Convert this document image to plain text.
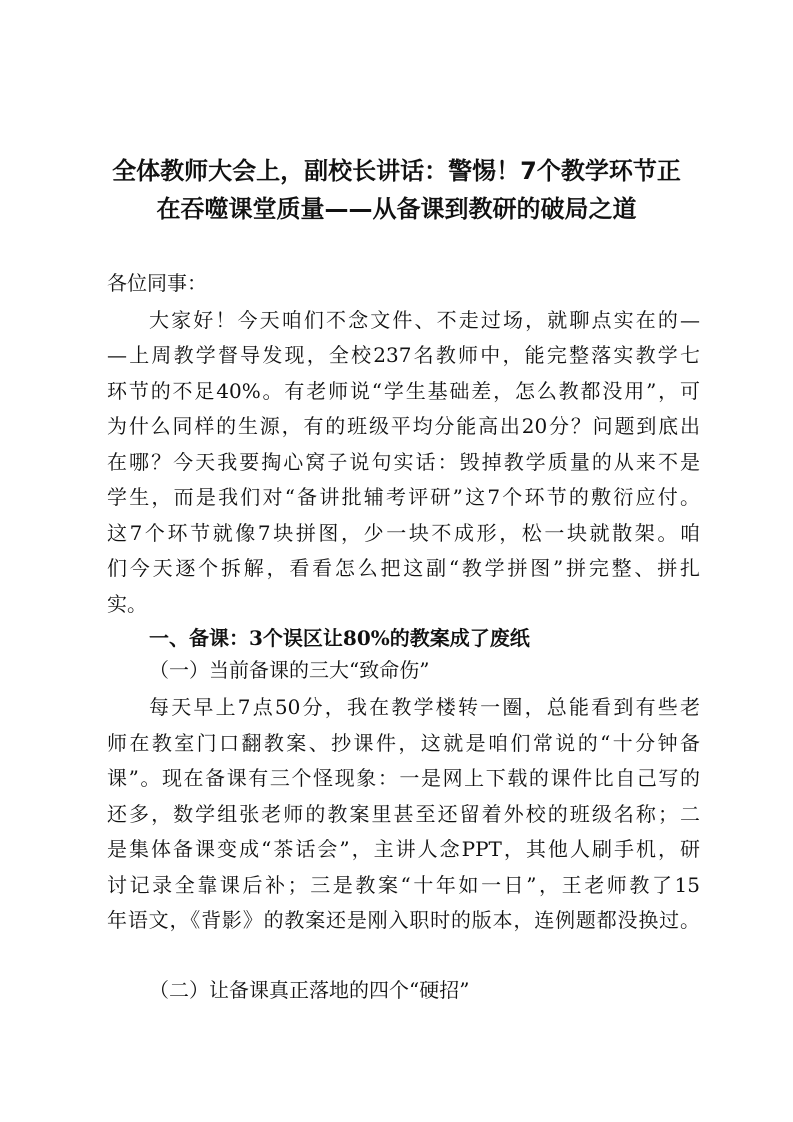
全体教师大会上，副校长讲话：警惕！7个教学环节正
在吞噬课堂质量——从备课到教研的破局之道
各位同事：
大家好！今天咱们不念文件、不走过场，就聊点实在的—
—上周教学督导发现，全校237名教师中，能完整落实教学七
环节的不足40%。有老师说“学生基础差，怎么教都没用”，可
为什么同样的生源，有的班级平均分能高出20分？问题到底出
在哪？今天我要掏心窝子说句实话：毁掉教学质量的从来不是
学生，而是我们对“备讲批辅考评研”这7个环节的敷衍应付。
这7个环节就像7块拼图，少一块不成形，松一块就散架。咱
们今天逐个拆解，看看怎么把这副“教学拼图”拼完整、拼扎
实。
一、备课：3个误区让80%的教案成了废纸
（一）当前备课的三大“致命伤”
每天早上7点50分，我在教学楼转一圈，总能看到有些老
师在教室门口翻教案、抄课件，这就是咱们常说的“十分钟备
课”。现在备课有三个怪现象：一是网上下载的课件比自己写的
还多，数学组张老师的教案里甚至还留着外校的班级名称；二
是集体备课变成“茶话会”，主讲人念PPT，其他人刷手机，研
讨记录全靠课后补；三是教案“十年如一日”，王老师教了15
年语文，《背影》的教案还是刚入职时的版本，连例题都没换过。
（二）让备课真正落地的四个“硬招”
